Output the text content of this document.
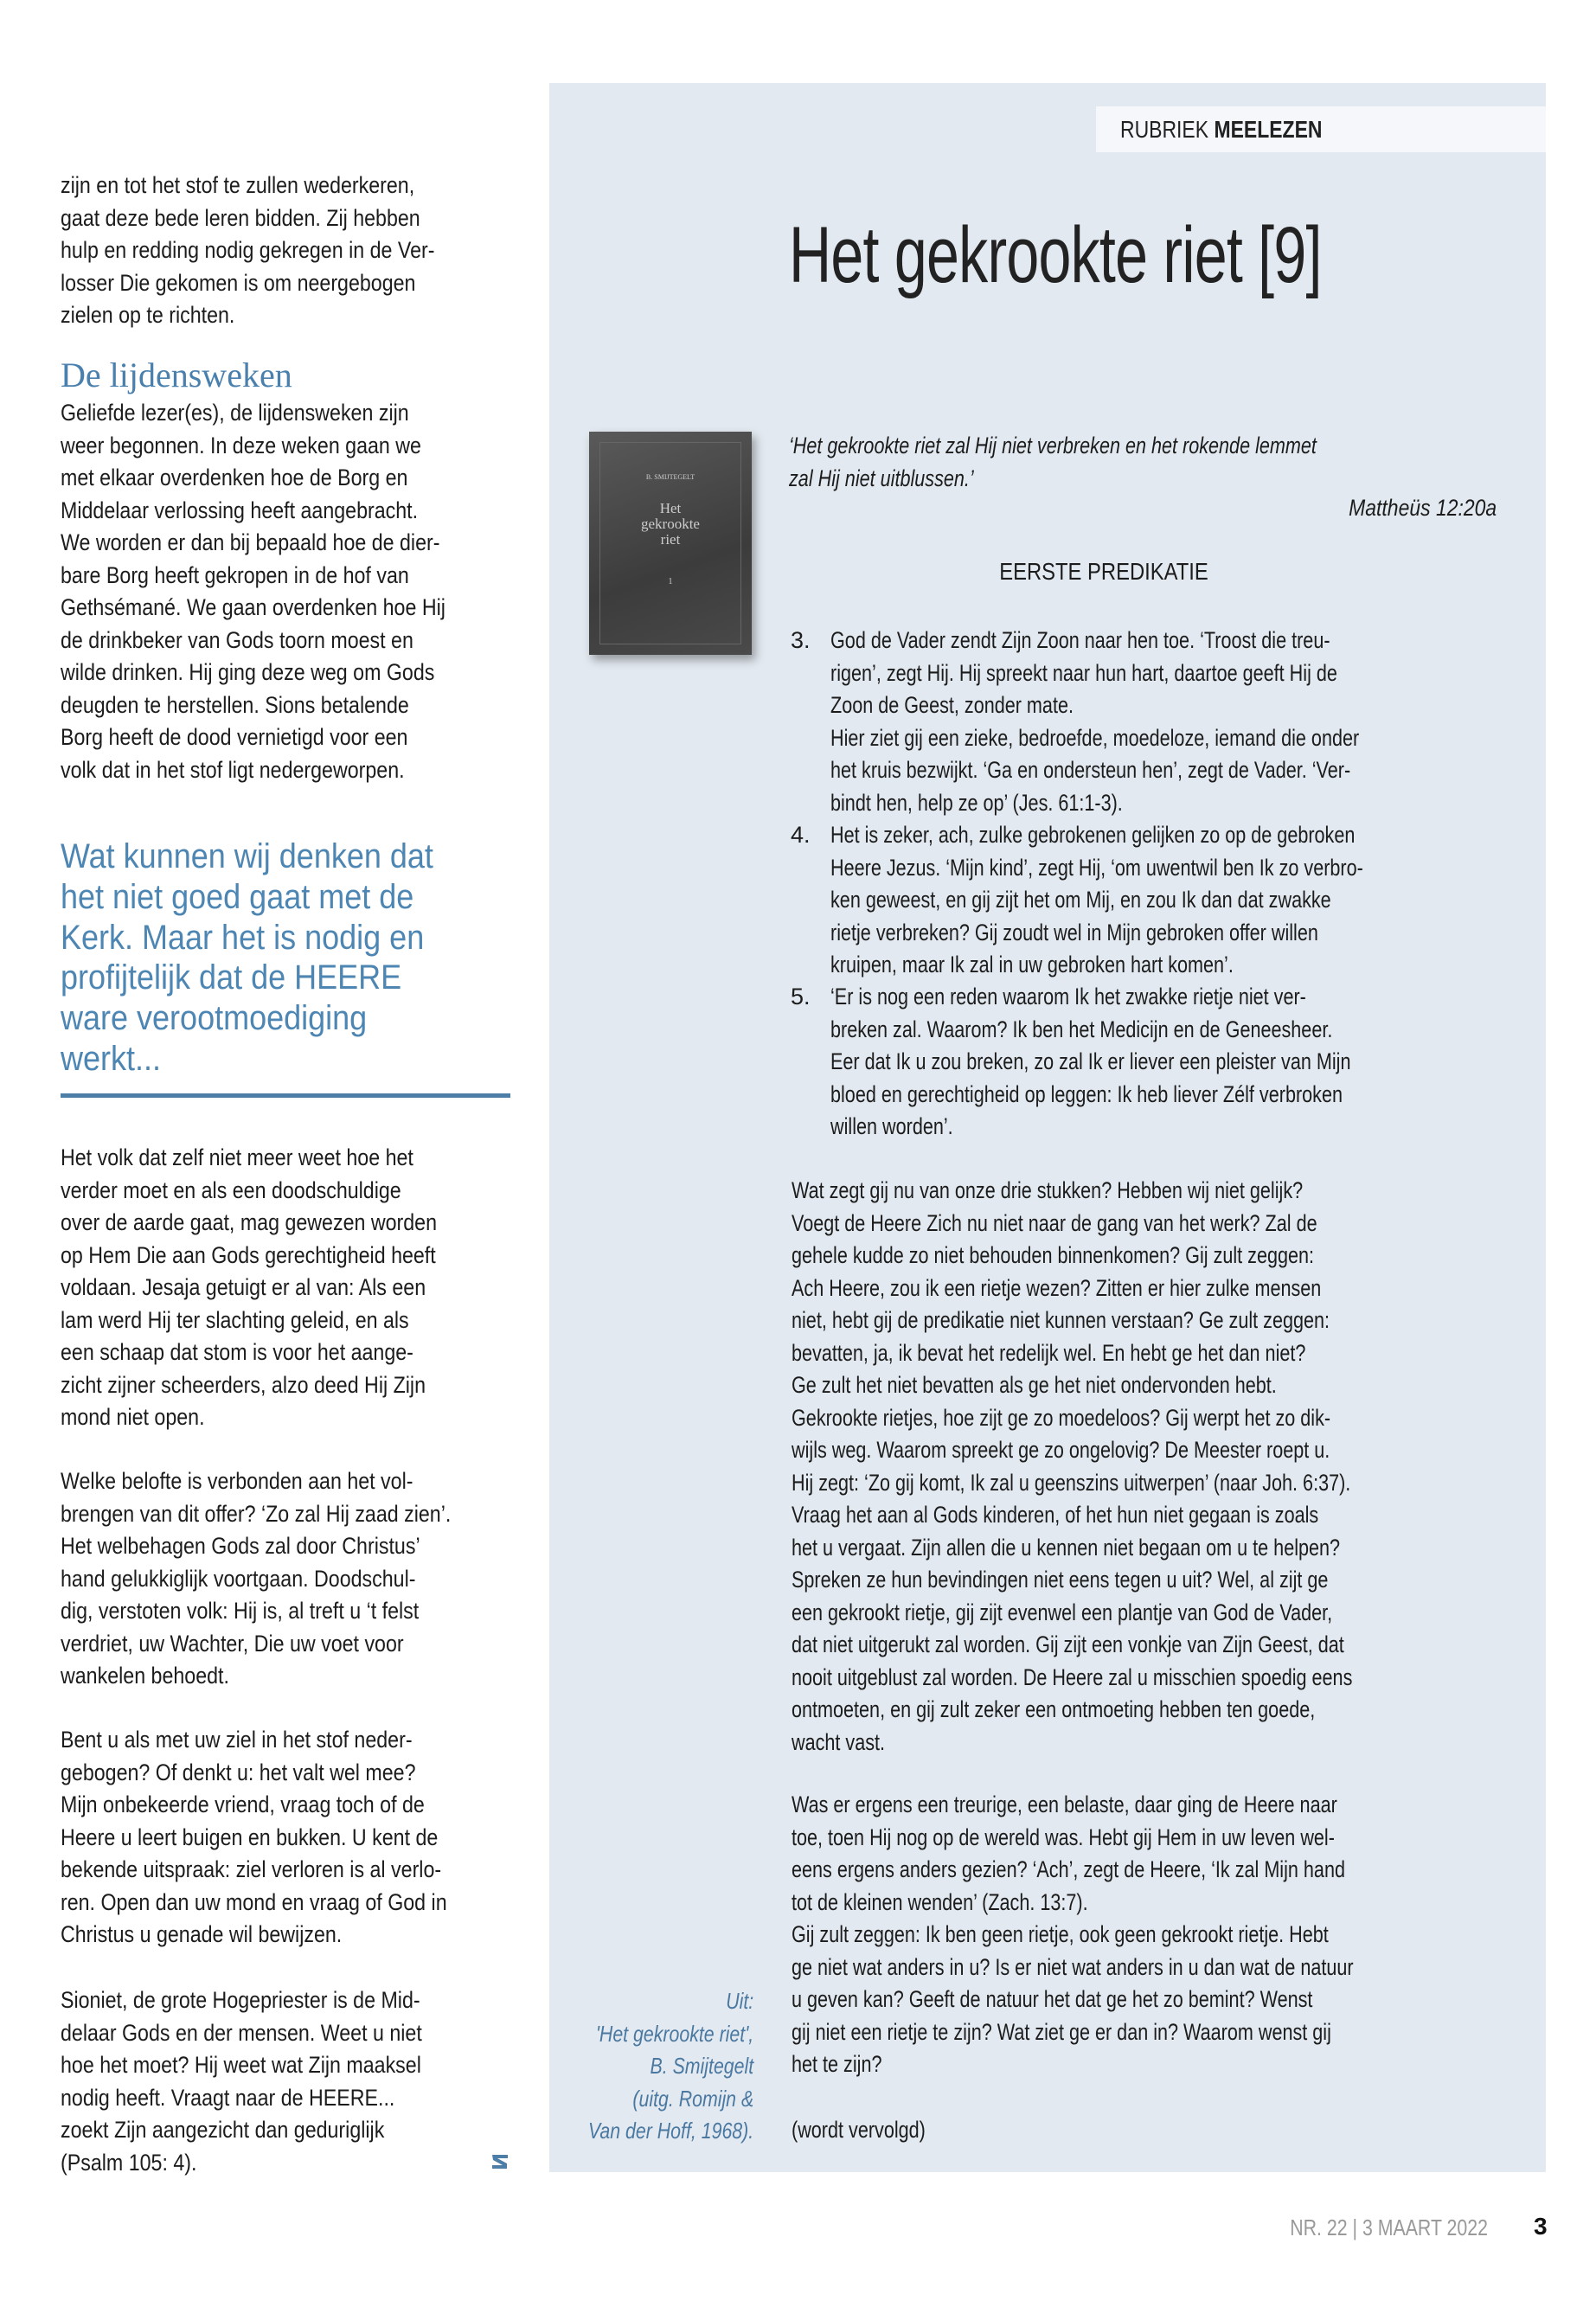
RUBRIEK MEELEZEN
Het gekrookte riet [9]
B. SMIJTEGELT
Het
gekrookte
riet
1
zijn en tot het stof te zullen wederkeren,
gaat deze bede leren bidden. Zij hebben
hulp en redding nodig gekregen in de Ver-
losser Die gekomen is om neergebogen
zielen op te richten.
De lijdensweken
Geliefde lezer(es), de lijdensweken zijn
weer begonnen. In deze weken gaan we
met elkaar overdenken hoe de Borg en
Middelaar verlossing heeft aangebracht.
We worden er dan bij bepaald hoe de dier-
bare Borg heeft gekropen in de hof van
Gethsémané. We gaan overdenken hoe Hij
de drinkbeker van Gods toorn moest en
wilde drinken. Hij ging deze weg om Gods
deugden te herstellen. Sions betalende
Borg heeft de dood vernietigd voor een
volk dat in het stof ligt nedergeworpen.
Wat kunnen wij denken dat
het niet goed gaat met de
Kerk. Maar het is nodig en
profijtelijk dat de HEERE
ware verootmoediging
werkt...
Het volk dat zelf niet meer weet hoe het
verder moet en als een doodschuldige
over de aarde gaat, mag gewezen worden
op Hem Die aan Gods gerechtigheid heeft
voldaan. Jesaja getuigt er al van: Als een
lam werd Hij ter slachting geleid, en als
een schaap dat stom is voor het aange-
zicht zijner scheerders, alzo deed Hij Zijn
mond niet open.
Welke belofte is verbonden aan het vol-
brengen van dit offer? ‘Zo zal Hij zaad zien’.
Het welbehagen Gods zal door Christus’
hand gelukkiglijk voortgaan. Doodschul-
dig, verstoten volk: Hij is, al treft u ‘t felst
verdriet, uw Wachter, Die uw voet voor
wankelen behoedt.
Bent u als met uw ziel in het stof neder-
gebogen? Of denkt u: het valt wel mee?
Mijn onbekeerde vriend, vraag toch of de
Heere u leert buigen en bukken. U kent de
bekende uitspraak: ziel verloren is al verlo-
ren. Open dan uw mond en vraag of God in
Christus u genade wil bewijzen.
Sioniet, de grote Hogepriester is de Mid-
delaar Gods en der mensen. Weet u niet
hoe het moet? Hij weet wat Zijn maaksel
nodig heeft. Vraagt naar de HEERE...
zoekt Zijn aangezicht dan geduriglijk
(Psalm 105: 4).
‘Het gekrookte riet zal Hij niet verbreken en het rokende lemmet
zal Hij niet uitblussen.’
Mattheüs 12:20a
EERSTE PREDIKATIE
3. God de Vader zendt Zijn Zoon naar hen toe. ‘Troost die treu-
rigen’, zegt Hij. Hij spreekt naar hun hart, daartoe geeft Hij de
Zoon de Geest, zonder mate.
Hier ziet gij een zieke, bedroefde, moedeloze, iemand die onder
het kruis bezwijkt. ‘Ga en ondersteun hen’, zegt de Vader. ‘Ver-
bindt hen, help ze op’ (Jes. 61:1-3).
4. Het is zeker, ach, zulke gebrokenen gelijken zo op de gebroken
Heere Jezus. ‘Mijn kind’, zegt Hij, ‘om uwentwil ben Ik zo verbro-
ken geweest, en gij zijt het om Mij, en zou Ik dan dat zwakke
rietje verbreken? Gij zoudt wel in Mijn gebroken offer willen
kruipen, maar Ik zal in uw gebroken hart komen’.
5. ‘Er is nog een reden waarom Ik het zwakke rietje niet ver-
breken zal. Waarom? Ik ben het Medicijn en de Geneesheer.
Eer dat Ik u zou breken, zo zal Ik er liever een pleister van Mijn
bloed en gerechtigheid op leggen: Ik heb liever Zélf verbroken
willen worden’.
Wat zegt gij nu van onze drie stukken? Hebben wij niet gelijk?
Voegt de Heere Zich nu niet naar de gang van het werk? Zal de
gehele kudde zo niet behouden binnenkomen? Gij zult zeggen:
Ach Heere, zou ik een rietje wezen? Zitten er hier zulke mensen
niet, hebt gij de predikatie niet kunnen verstaan? Ge zult zeggen:
bevatten, ja, ik bevat het redelijk wel. En hebt ge het dan niet?
Ge zult het niet bevatten als ge het niet ondervonden hebt.
Gekrookte rietjes, hoe zijt ge zo moedeloos? Gij werpt het zo dik-
wijls weg. Waarom spreekt ge zo ongelovig? De Meester roept u.
Hij zegt: ‘Zo gij komt, Ik zal u geenszins uitwerpen’ (naar Joh. 6:37).
Vraag het aan al Gods kinderen, of het hun niet gegaan is zoals
het u vergaat. Zijn allen die u kennen niet begaan om u te helpen?
Spreken ze hun bevindingen niet eens tegen u uit? Wel, al zijt ge
een gekrookt rietje, gij zijt evenwel een plantje van God de Vader,
dat niet uitgerukt zal worden. Gij zijt een vonkje van Zijn Geest, dat
nooit uitgeblust zal worden. De Heere zal u misschien spoedig eens
ontmoeten, en gij zult zeker een ontmoeting hebben ten goede,
wacht vast.
Was er ergens een treurige, een belaste, daar ging de Heere naar
toe, toen Hij nog op de wereld was. Hebt gij Hem in uw leven wel-
eens ergens anders gezien? ‘Ach’, zegt de Heere, ‘Ik zal Mijn hand
tot de kleinen wenden’ (Zach. 13:7).
Gij zult zeggen: Ik ben geen rietje, ook geen gekrookt rietje. Hebt
ge niet wat anders in u? Is er niet wat anders in u dan wat de natuur
u geven kan? Geeft de natuur het dat ge het zo bemint? Wenst
gij niet een rietje te zijn? Wat ziet ge er dan in? Waarom wenst gij
het te zijn?
(wordt vervolgd)
Uit:
'Het gekrookte riet',
B. Smijtegelt
(uitg. Romijn &
Van der Hoff, 1968).
NR. 22 | 3 MAART 2022 3
